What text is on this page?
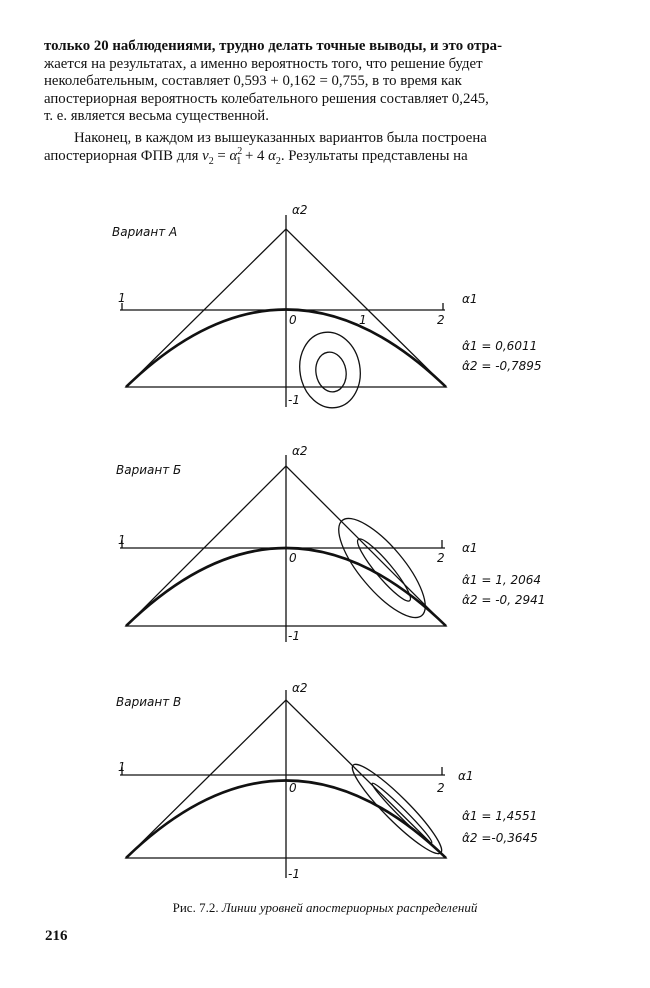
только 20 наблюдениями, трудно делать точные выводы, и это отра-
жается на результатах, а именно вероятность того, что решение будет
неколебательным, составляет 0,593 + 0,162 = 0,755, в то время как
апостериорная вероятность колебательного решения составляет 0,245,
т. е. является весьма существенной.
Наконец, в каждом из вышеуказанных вариантов была построена
апостериорная ФПВ для $v_2 = \alpha^2_1 + 4$ $\alpha_2$. Результаты представлены на
Вариант А
α2
α1
1
0	1	2
-1
α̂1 = 0,6011
α̂2 = -0,7895
Вариант Б
α2
α1
1
0	2
-1
α̂1 = 1, 2064
α̂2 = -0, 2941
Вариант В
α2
α1
1
0	2
-1
α̂1 = 1,4551
α̂2 =-0,3645
Рис. 7.2. Линии уровней апостериорных распределений
216
